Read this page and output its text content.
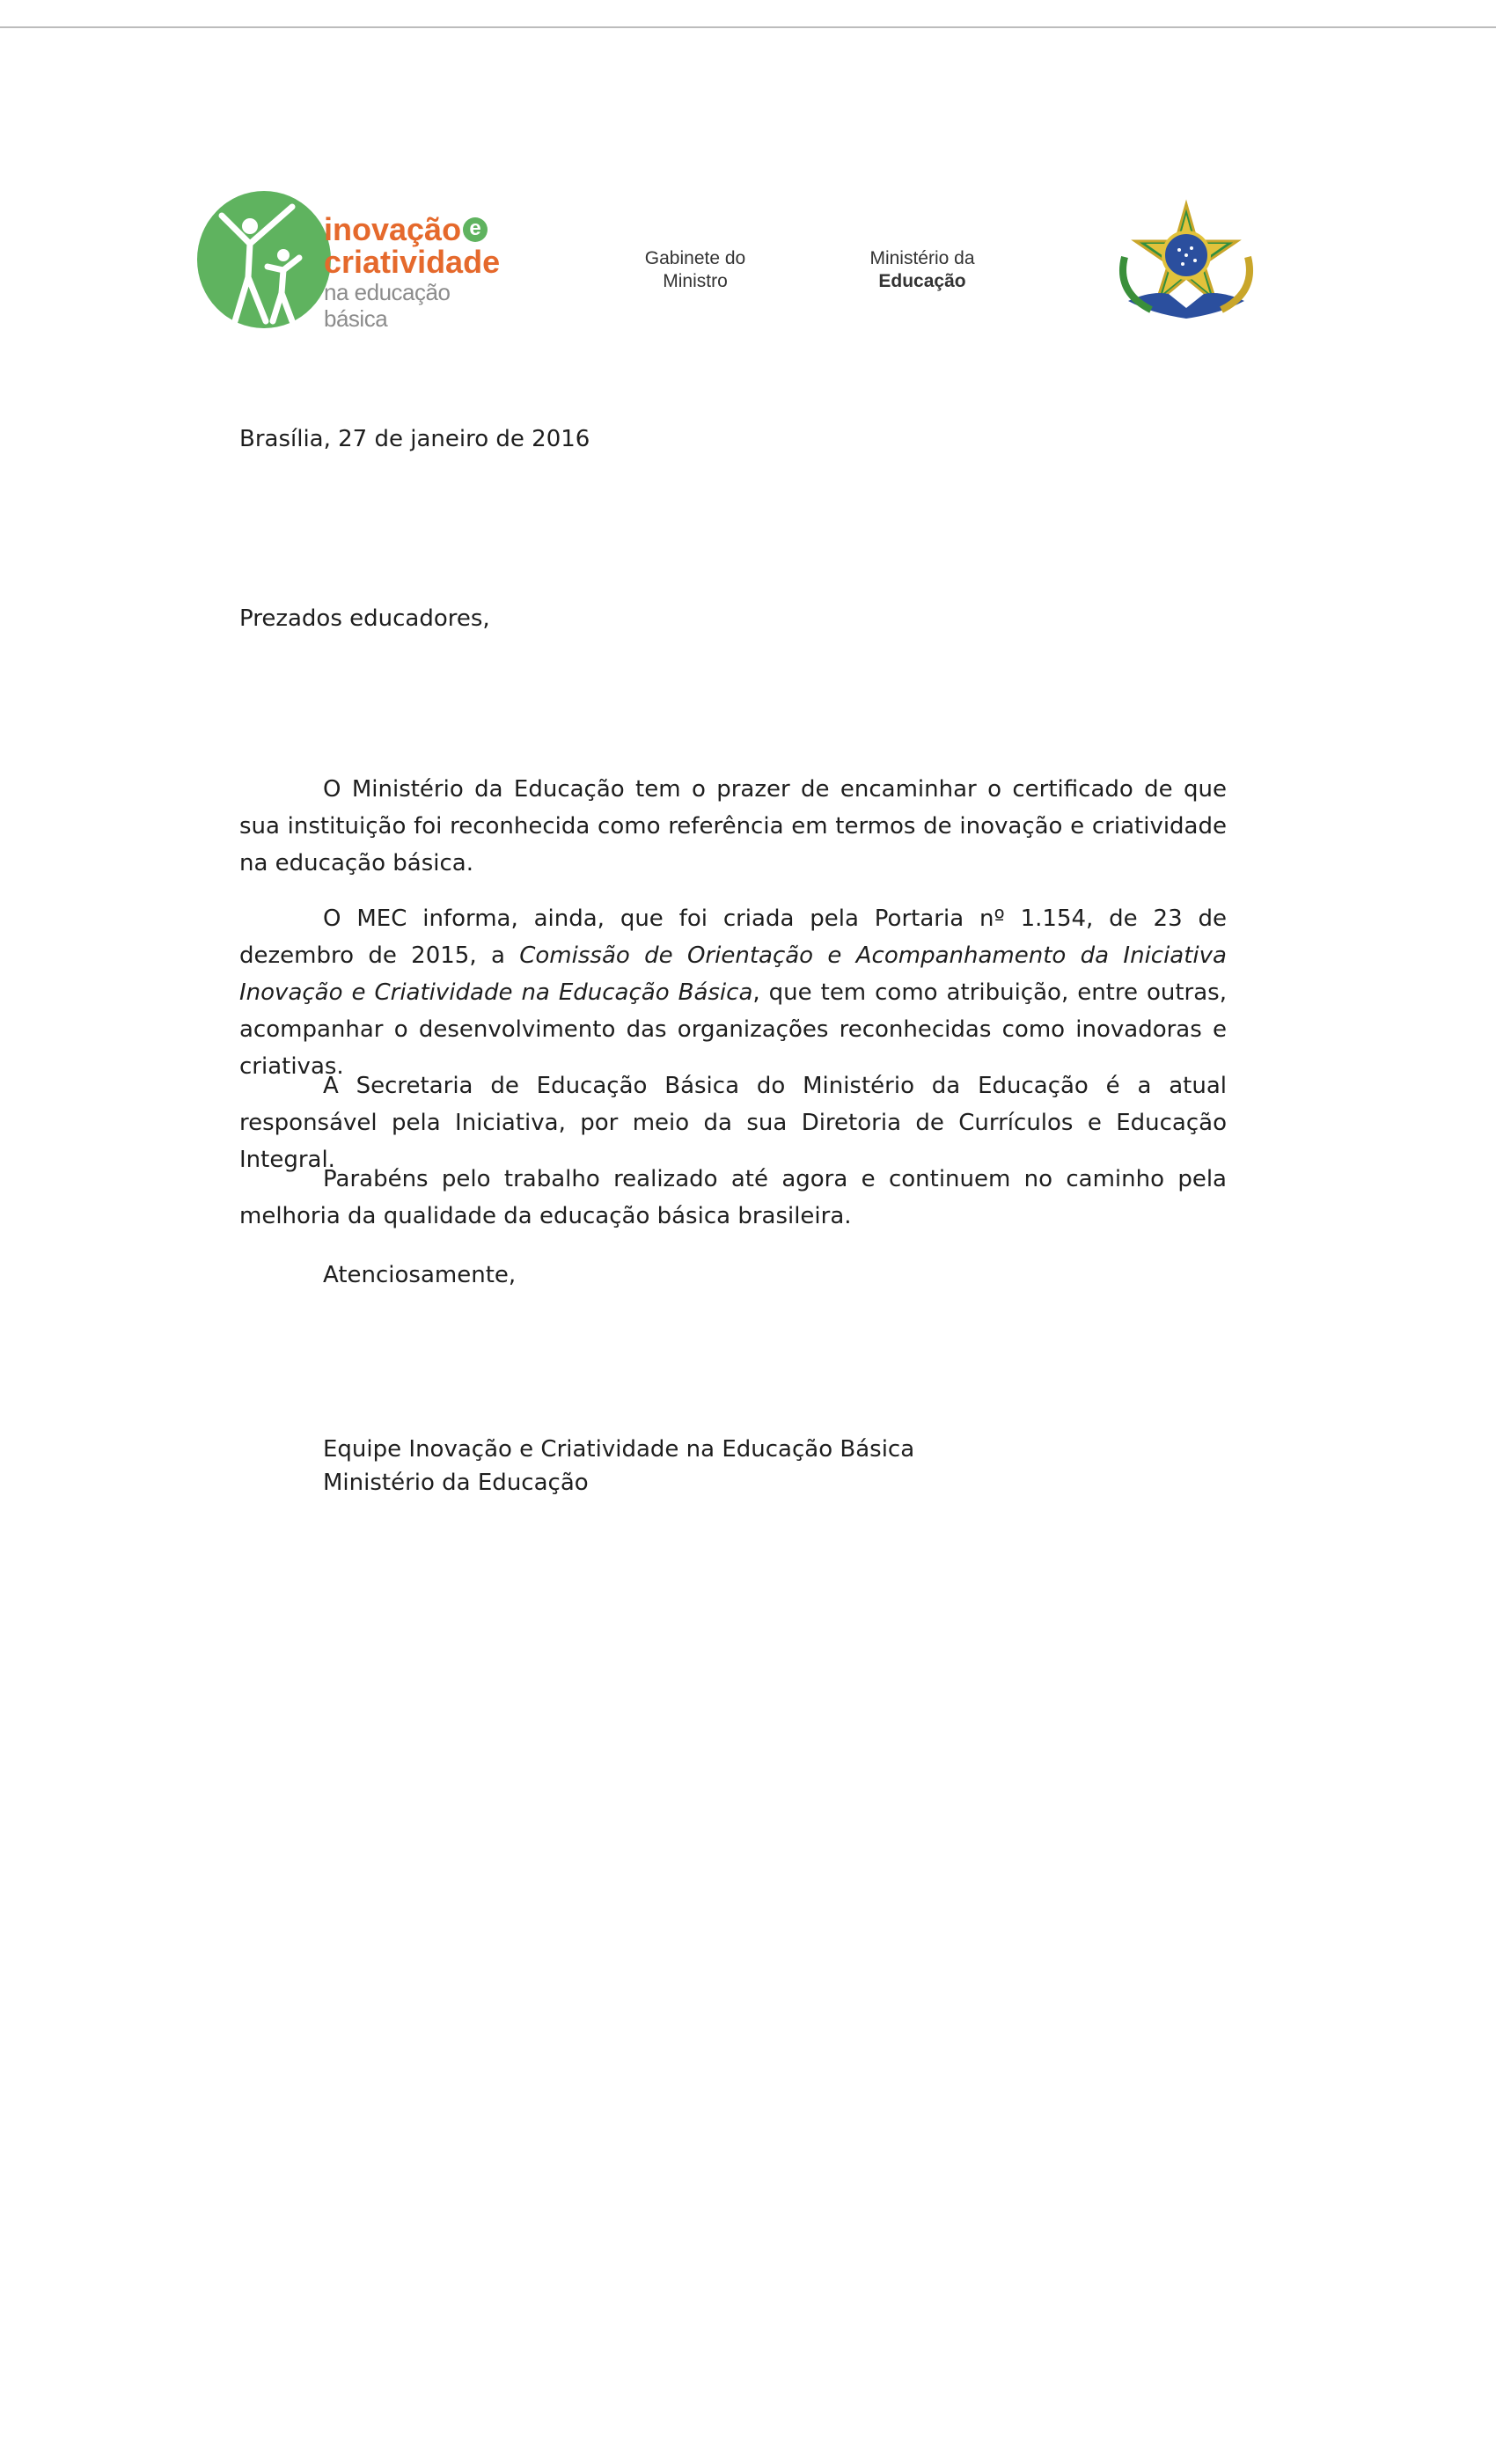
inovação e
criatividade
na educação básica
Gabinete do
Ministro
Ministério da
Educação
Brasília, 27 de janeiro de 2016
Prezados educadores,
O Ministério da Educação tem o prazer de encaminhar o certificado de que sua instituição foi reconhecida como referência em termos de inovação e criatividade na educação básica.
O MEC informa, ainda, que foi criada pela Portaria nº 1.154, de 23 de dezembro de 2015, a Comissão de Orientação e Acompanhamento da Iniciativa Inovação e Criatividade na Educação Básica, que tem como atribuição, entre outras, acompanhar o desenvolvimento das organizações reconhecidas como inovadoras e criativas.
A Secretaria de Educação Básica do Ministério da Educação é a atual responsável pela Iniciativa, por meio da sua Diretoria de Currículos e Educação Integral.
Parabéns pelo trabalho realizado até agora e continuem no caminho pela melhoria da qualidade da educação básica brasileira.
Atenciosamente,
Equipe Inovação e Criatividade na Educação Básica
Ministério da Educação
